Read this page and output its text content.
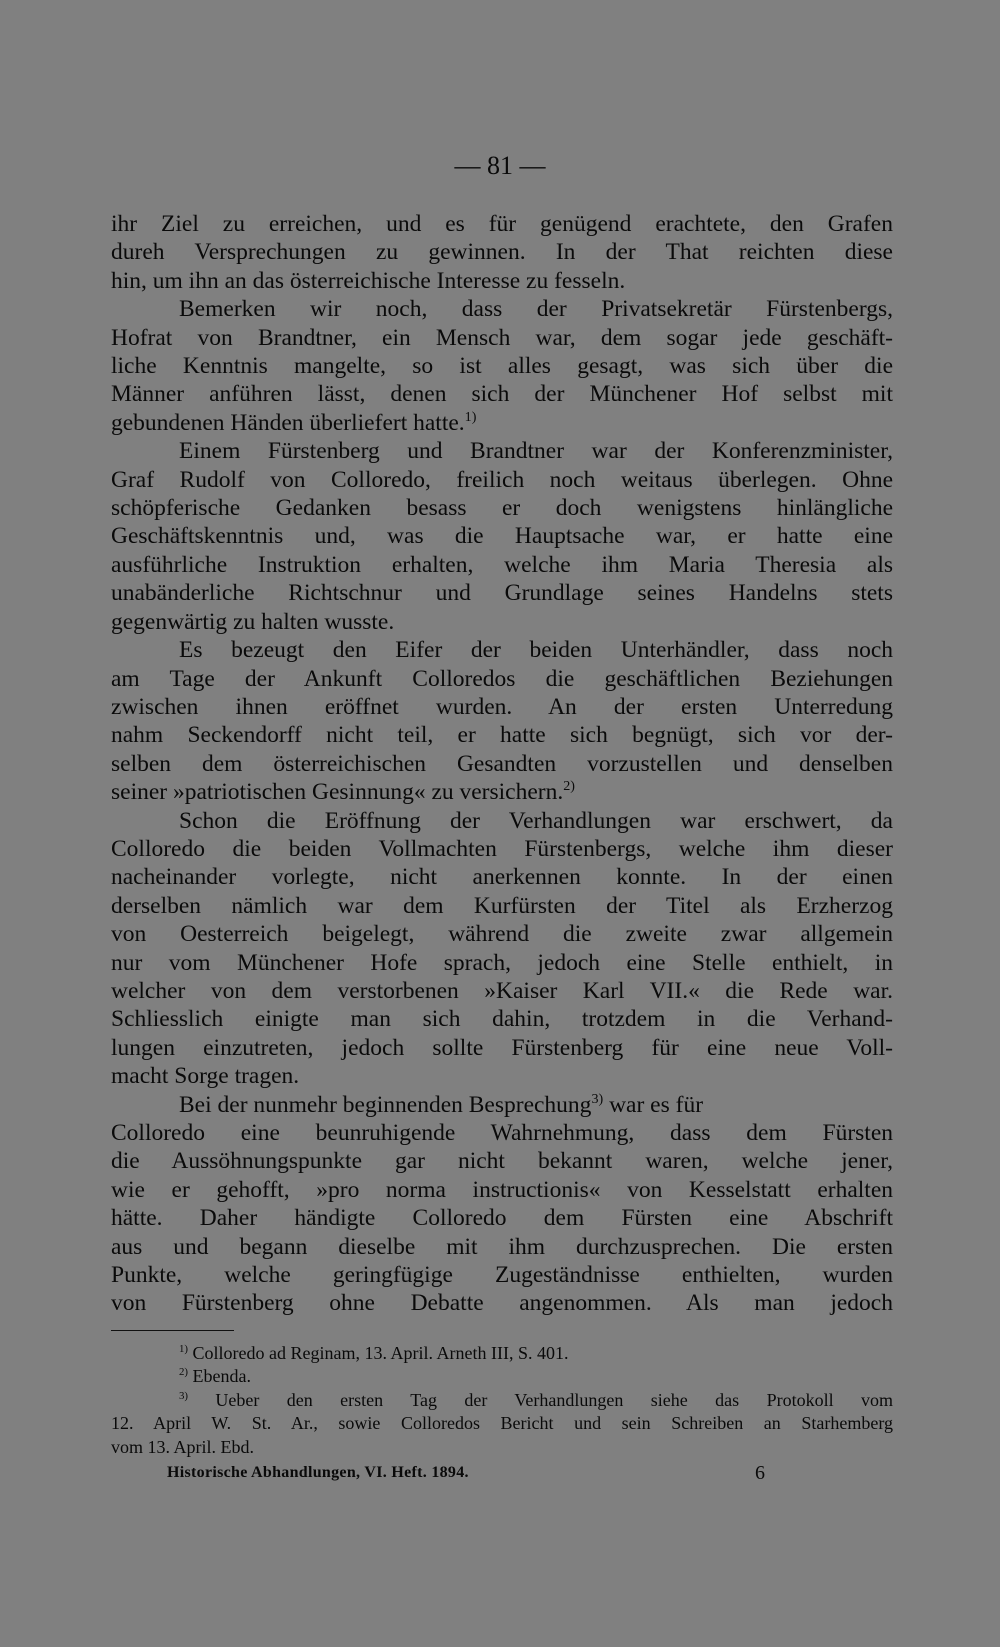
— 81 —
ihr Ziel zu erreichen, und es für genügend erachtete, den Grafen
dureh Versprechungen zu gewinnen. In der That reichten diese
hin, um ihn an das österreichische Interesse zu fesseln.
Bemerken wir noch, dass der Privatsekretär Fürstenbergs,
Hofrat von Brandtner, ein Mensch war, dem sogar jede geschäft-
liche Kenntnis mangelte, so ist alles gesagt, was sich über die
Männer anführen lässt, denen sich der Münchener Hof selbst mit
gebundenen Händen überliefert hatte.$^{1)}$
Einem Fürstenberg und Brandtner war der Konferenzminister,
Graf Rudolf von Colloredo, freilich noch weitaus überlegen. Ohne
schöpferische Gedanken besass er doch wenigstens hinlängliche
Geschäftskenntnis und, was die Hauptsache war, er hatte eine
ausführliche Instruktion erhalten, welche ihm Maria Theresia als
unabänderliche Richtschnur und Grundlage seines Handelns stets
gegenwärtig zu halten wusste.
Es bezeugt den Eifer der beiden Unterhändler, dass noch
am Tage der Ankunft Colloredos die geschäftlichen Beziehungen
zwischen ihnen eröffnet wurden. An der ersten Unterredung
nahm Seckendorff nicht teil, er hatte sich begnügt, sich vor der-
selben dem österreichischen Gesandten vorzustellen und denselben
seiner »patriotischen Gesinnung« zu versichern.$^{2)}$
Schon die Eröffnung der Verhandlungen war erschwert, da
Colloredo die beiden Vollmachten Fürstenbergs, welche ihm dieser
nacheinander vorlegte, nicht anerkennen konnte. In der einen
derselben nämlich war dem Kurfürsten der Titel als Erzherzog
von Oesterreich beigelegt, während die zweite zwar allgemein
nur vom Münchener Hofe sprach, jedoch eine Stelle enthielt, in
welcher von dem verstorbenen »Kaiser Karl VII.« die Rede war.
Schliesslich einigte man sich dahin, trotzdem in die Verhand-
lungen einzutreten, jedoch sollte Fürstenberg für eine neue Voll-
macht Sorge tragen.
Bei der nunmehr beginnenden Besprechung$^{3)}$ war es für
Colloredo eine beunruhigende Wahrnehmung, dass dem Fürsten
die Aussöhnungspunkte gar nicht bekannt waren, welche jener,
wie er gehofft, »pro norma instructionis« von Kesselstatt erhalten
hätte. Daher händigte Colloredo dem Fürsten eine Abschrift
aus und begann dieselbe mit ihm durchzusprechen. Die ersten
Punkte, welche geringfügige Zugeständnisse enthielten, wurden
von Fürstenberg ohne Debatte angenommen. Als man jedoch
$^{1)}$ Colloredo ad Reginam, 13. April. Arneth III, S. 401.
$^{2)}$ Ebenda.
$^{3)}$ Ueber den ersten Tag der Verhandlungen siehe das Protokoll vom
12. April W. St. Ar., sowie Colloredos Bericht und sein Schreiben an Starhemberg
vom 13. April. Ebd.
Historische Abhandlungen, VI. Heft. 1894.	6
